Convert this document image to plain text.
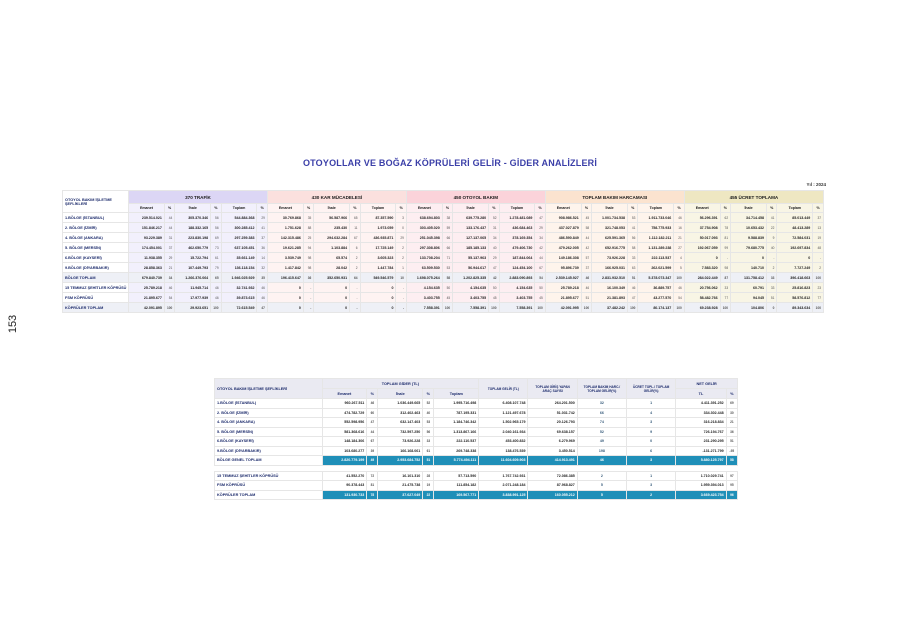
153
OTOYOLLAR VE BOĞAZ KÖPRÜLERİ GELİR - GİDER ANALİZLERİ
Yıl : 2024
OTOYOL BAKIM İŞLETME ŞEFLİKLERİ	370 TRAFİK						430 KAR MÜCADELESİ						450 OTOYOL BAKIM						TOPLAM BAKIM HARCAMASI						455 ÜCRET TOPLAMA					
	Emanet	%	İhale	%	Toplam	%	Emanet	%	İhale	%	Toplam	%	Emanet	%	İhale	%	Toplam	%	Emanet	%	İhale	%	Toplam	%	Emanet	%	İhale	%	Toplam	%
1.BÖLGE (İSTANBUL)	239.514.021	44	305.370.346	56	544.884.368	29	30.769.868	35	56.587.966	65	87.357.590	3	638.694.803	38	639.775.280	52	1.278.481.089	47	908.986.521	45	1.001.734.538	53	1.911.733.046	46	56.296.391	62	34.714.458	41	85.013.449	37
2. BÖLGE (İZMİR)	151.846.217	44	188.332.165	56	300.285.412	41	1.751.628	88	235.430	11	1.973.059	0	303.405.020	59	133.176.437	31	436.684.463	29	437.027.879	58	321.748.053	41	758.775.933	16	37.754.908	78	10.653.432	22	48.413.289	13
4. BÖLGE (ANKARA)	93.229.389	31	223.830.198	69	297.259.383	37	142.315.486	25	294.632.284	67	436.935.871	29	251.045.398	66	127.137.065	34	378.169.354	34	486.590.849	44	625.591.365	56	1.112.182.211	21	50.017.093	81	9.588.839	9	72.584.031	19
5. BÖLGE (MERSİN)	174.454.001	37	462.650.779	73	637.105.451	36	19.621.285	94	1.103.884	6	17.725.149	2	297.308.806	66	185.185.133	40	479.406.730	42	479.262.005	42	652.916.775	58	1.131.289.238	27	192.067.059	99	79.680.775	40	192.697.834	48
6.BÖLGE (KAYSERİ)	11.938.355	29	15.722.794	61	35.661.149	14	3.539.749	98	65.574	2	3.605.323	2	133.708.204	71	55.137.963	29	187.844.064	44	149.186.308	57	73.926.228	33	222.113.537	4	0	-	0	-	0	-
9.BÖLGE (DİYARBAKIR)	28.858.363	21	107.449.793	79	136.118.154	32	1.417.842	98	28.042	2	1.447.784	1	63.509.530	53	56.944.617	47	124.454.100	67	95.896.739	37	166.925.031	63	262.021.599	5	7.583.320	98	140.710	2	7.727.249	2
BÖLGE TOPLAM	679.840.739	34	1.266.376.064	65	1.946.025.929	35	196.415.647	36	352.650.931	64	549.546.579	10	1.698.075.264	58	1.202.825.335	42	2.883.090.893	54	2.539.145.927	46	2.831.932.510	51	5.378.073.347	100	284.022.449	87	131.758.412	33	396.418.663	100
15 TEMMUZ ŞEHİTLER KÖPRÜSÜ	25.789.218	46	11.945.714	46	32.741.932	46	0	-	0	-	0	-	4.154.635	50	4.154.635	50	4.154.635	50	25.789.218	46	16.100.349	46	36.889.757	46	20.756.062	33	60.791	33	25.816.823	23
FSM KÖPRÜSÜ	21.895.677	54	17.977.939	46	39.873.615	46	0	-	0	-	0	-	3.403.755	45	3.403.755	45	3.403.755	45	21.895.677	51	21.381.893	47	43.277.570	54	58.482.766	77	94.045	51	58.576.812	77
KÖPRÜLER TOPLAM	42.091.895	100	29.923.651	100	72.615.549	47	0	-	0	-	0	-	7.558.391	100	7.558.391	100	7.558.391	100	42.091.995	100	37.482.242	100	80.174.137	100	69.238.928	100	104.806	0	89.343.634	100
OTOYOL BAKIM İŞLETME ŞEFLİKLERİ	TOPLAM GİDER (TL)					TOPLAM GELİR (TL)	TOPLAM GİRİŞ YAPAN ARAÇ SAYISI	TOPLAM BAKIM HARC./ TOPLAM GELİR(%)	ÜCRET TOPL./ TOPLAM GELİR(%)	NET GELİR	
	Emanet	%	İhale	%	Toplam					TL	%
1.BÖLGE (İSTANBUL)	960.267.511	46	1.036.449.665	52	1.995.716.498	6.408.107.748	264.201.500	32	1	4.411.391.252	69
2. BÖLGE (İZMİR)	474.782.729	60	312.402.463	40	787.195.331	1.121.497.678	51.031.742	66	4	334.302.448	30
4. BÖLGE (ANKARA)	552.598.956	47	632.147.403	53	1.184.746.342	1.502.965.179	20.126.793	74	3	316.218.834	21
5. BÖLGE (MERSİN)	581.368.616	44	732.597.250	56	1.313.867.166	2.040.161.934	69.638.157	52	9	726.194.767	36
6.BÖLGE (KAYSERİ)	148.184.306	67	73.926.228	33	222.110.537	453.400.832	6.279.969	49	0	231.290.295	51
9.BÖLGE (DİYARBAKIR)	103.680.277	39	166.168.061	61	269.748.338	138.476.539	3.450.514	198	6	-131.271.799	-95
BÖLGE GENEL TOPLAM	2.820.779.199	49	2.953.684.752	51	5.774.494.111	11.604.609.903	414.913.491	46	3	5.880.125.797	58

15 TEMMUZ ŞEHİTLER KÖPRÜSÜ	41.552.270	72	16.101.310	28	57.713.590	1.767.742.931	72.086.385	2	1	1.710.029.741	97
FSM KÖPRÜSÜ	90.378.443	81	21.475.738	19	111.854.182	2.071.248.184	87.968.827	5	3	1.959.394.013	95
KÖPRÜLER TOPLAM	131.930.733	78	37.627.049	22	169.567.771	3.838.991.125	160.055.212	5	2	3.669.423.754	96
